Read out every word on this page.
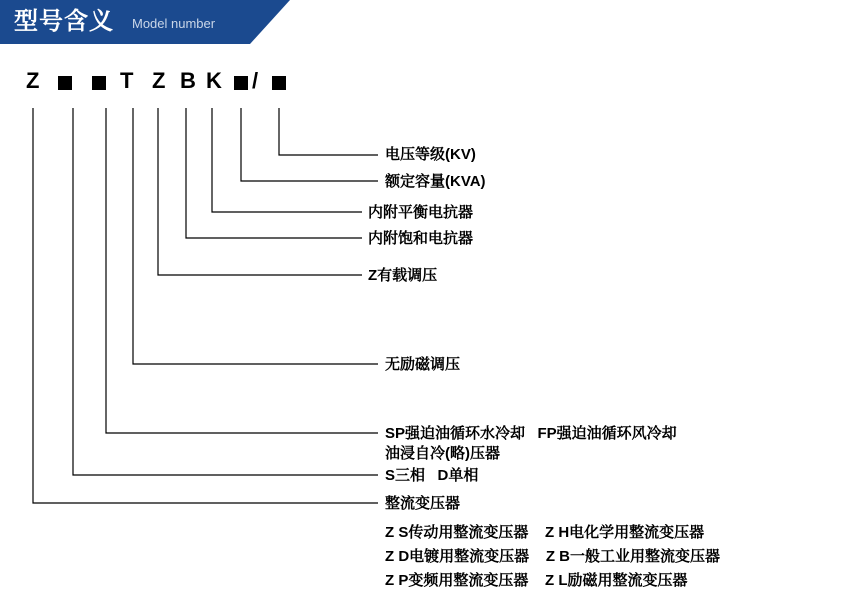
型号含义 Model number
Z	T Z B K /
电压等级(KV)
额定容量(KVA)
内附平衡电抗器
内附饱和电抗器
Z有载调压
无励磁调压
SP强迫油循环水冷却   FP强迫油循环风冷却
油浸自冷(略)压器
S三相   D单相
整流变压器
Z S传动用整流变压器    Z H电化学用整流变压器
Z D电镀用整流变压器    Z B一般工业用整流变压器
Z P变频用整流变压器    Z L励磁用整流变压器
